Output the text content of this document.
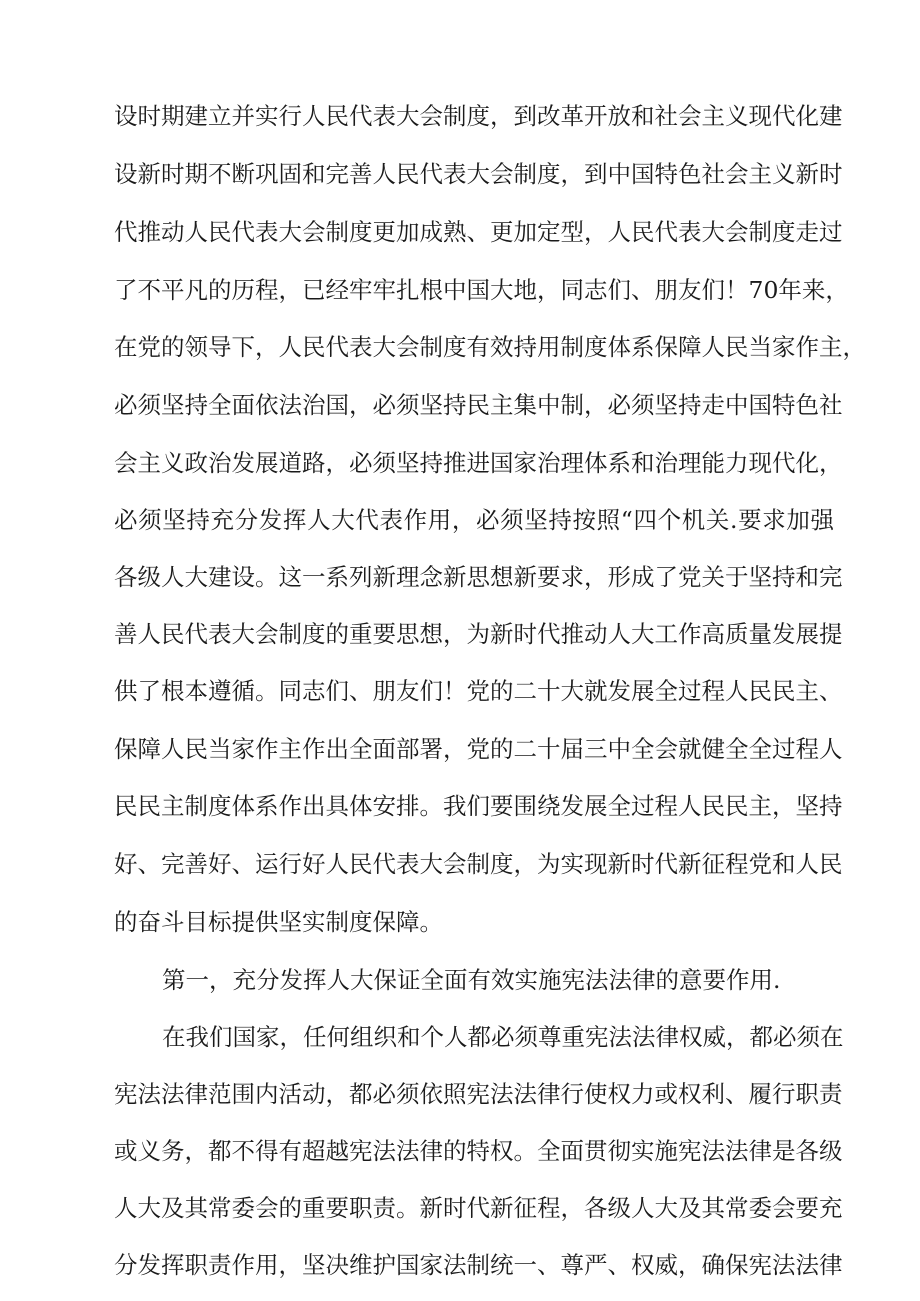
设时期建立并实行人民代表大会制度，到改革开放和社会主义现代化建
设新时期不断巩固和完善人民代表大会制度，到中国特色社会主义新时
代推动人民代表大会制度更加成熟、更加定型，人民代表大会制度走过
了不平凡的历程，已经牢牢扎根中国大地，同志们、朋友们！70年来，
在党的领导下，人民代表大会制度有效持用制度体系保障人民当家作主，
必须坚持全面依法治国，必须坚持民主集中制，必须坚持走中国特色社
会主义政治发展道路，必须坚持推进国家治理体系和治理能力现代化，
必须坚持充分发挥人大代表作用，必须坚持按照“四个机关.要求加强
各级人大建设。这一系列新理念新思想新要求，形成了党关于坚持和完
善人民代表大会制度的重要思想，为新时代推动人大工作高质量发展提
供了根本遵循。同志们、朋友们！党的二十大就发展全过程人民民主、
保障人民当家作主作出全面部署，党的二十届三中全会就健全全过程人
民民主制度体系作出具体安排。我们要围绕发展全过程人民民主，坚持
好、完善好、运行好人民代表大会制度，为实现新时代新征程党和人民
的奋斗目标提供坚实制度保障。
第一，充分发挥人大保证全面有效实施宪法法律的意要作用.
在我们国家，任何组织和个人都必须尊重宪法法律权威，都必须在
宪法法律范围内活动，都必须依照宪法法律行使权力或权利、履行职责
或义务，都不得有超越宪法法律的特权。全面贯彻实施宪法法律是各级
人大及其常委会的重要职责。新时代新征程，各级人大及其常委会要充
分发挥职责作用，坚决维护国家法制统一、尊严、权威，确保宪法法律
